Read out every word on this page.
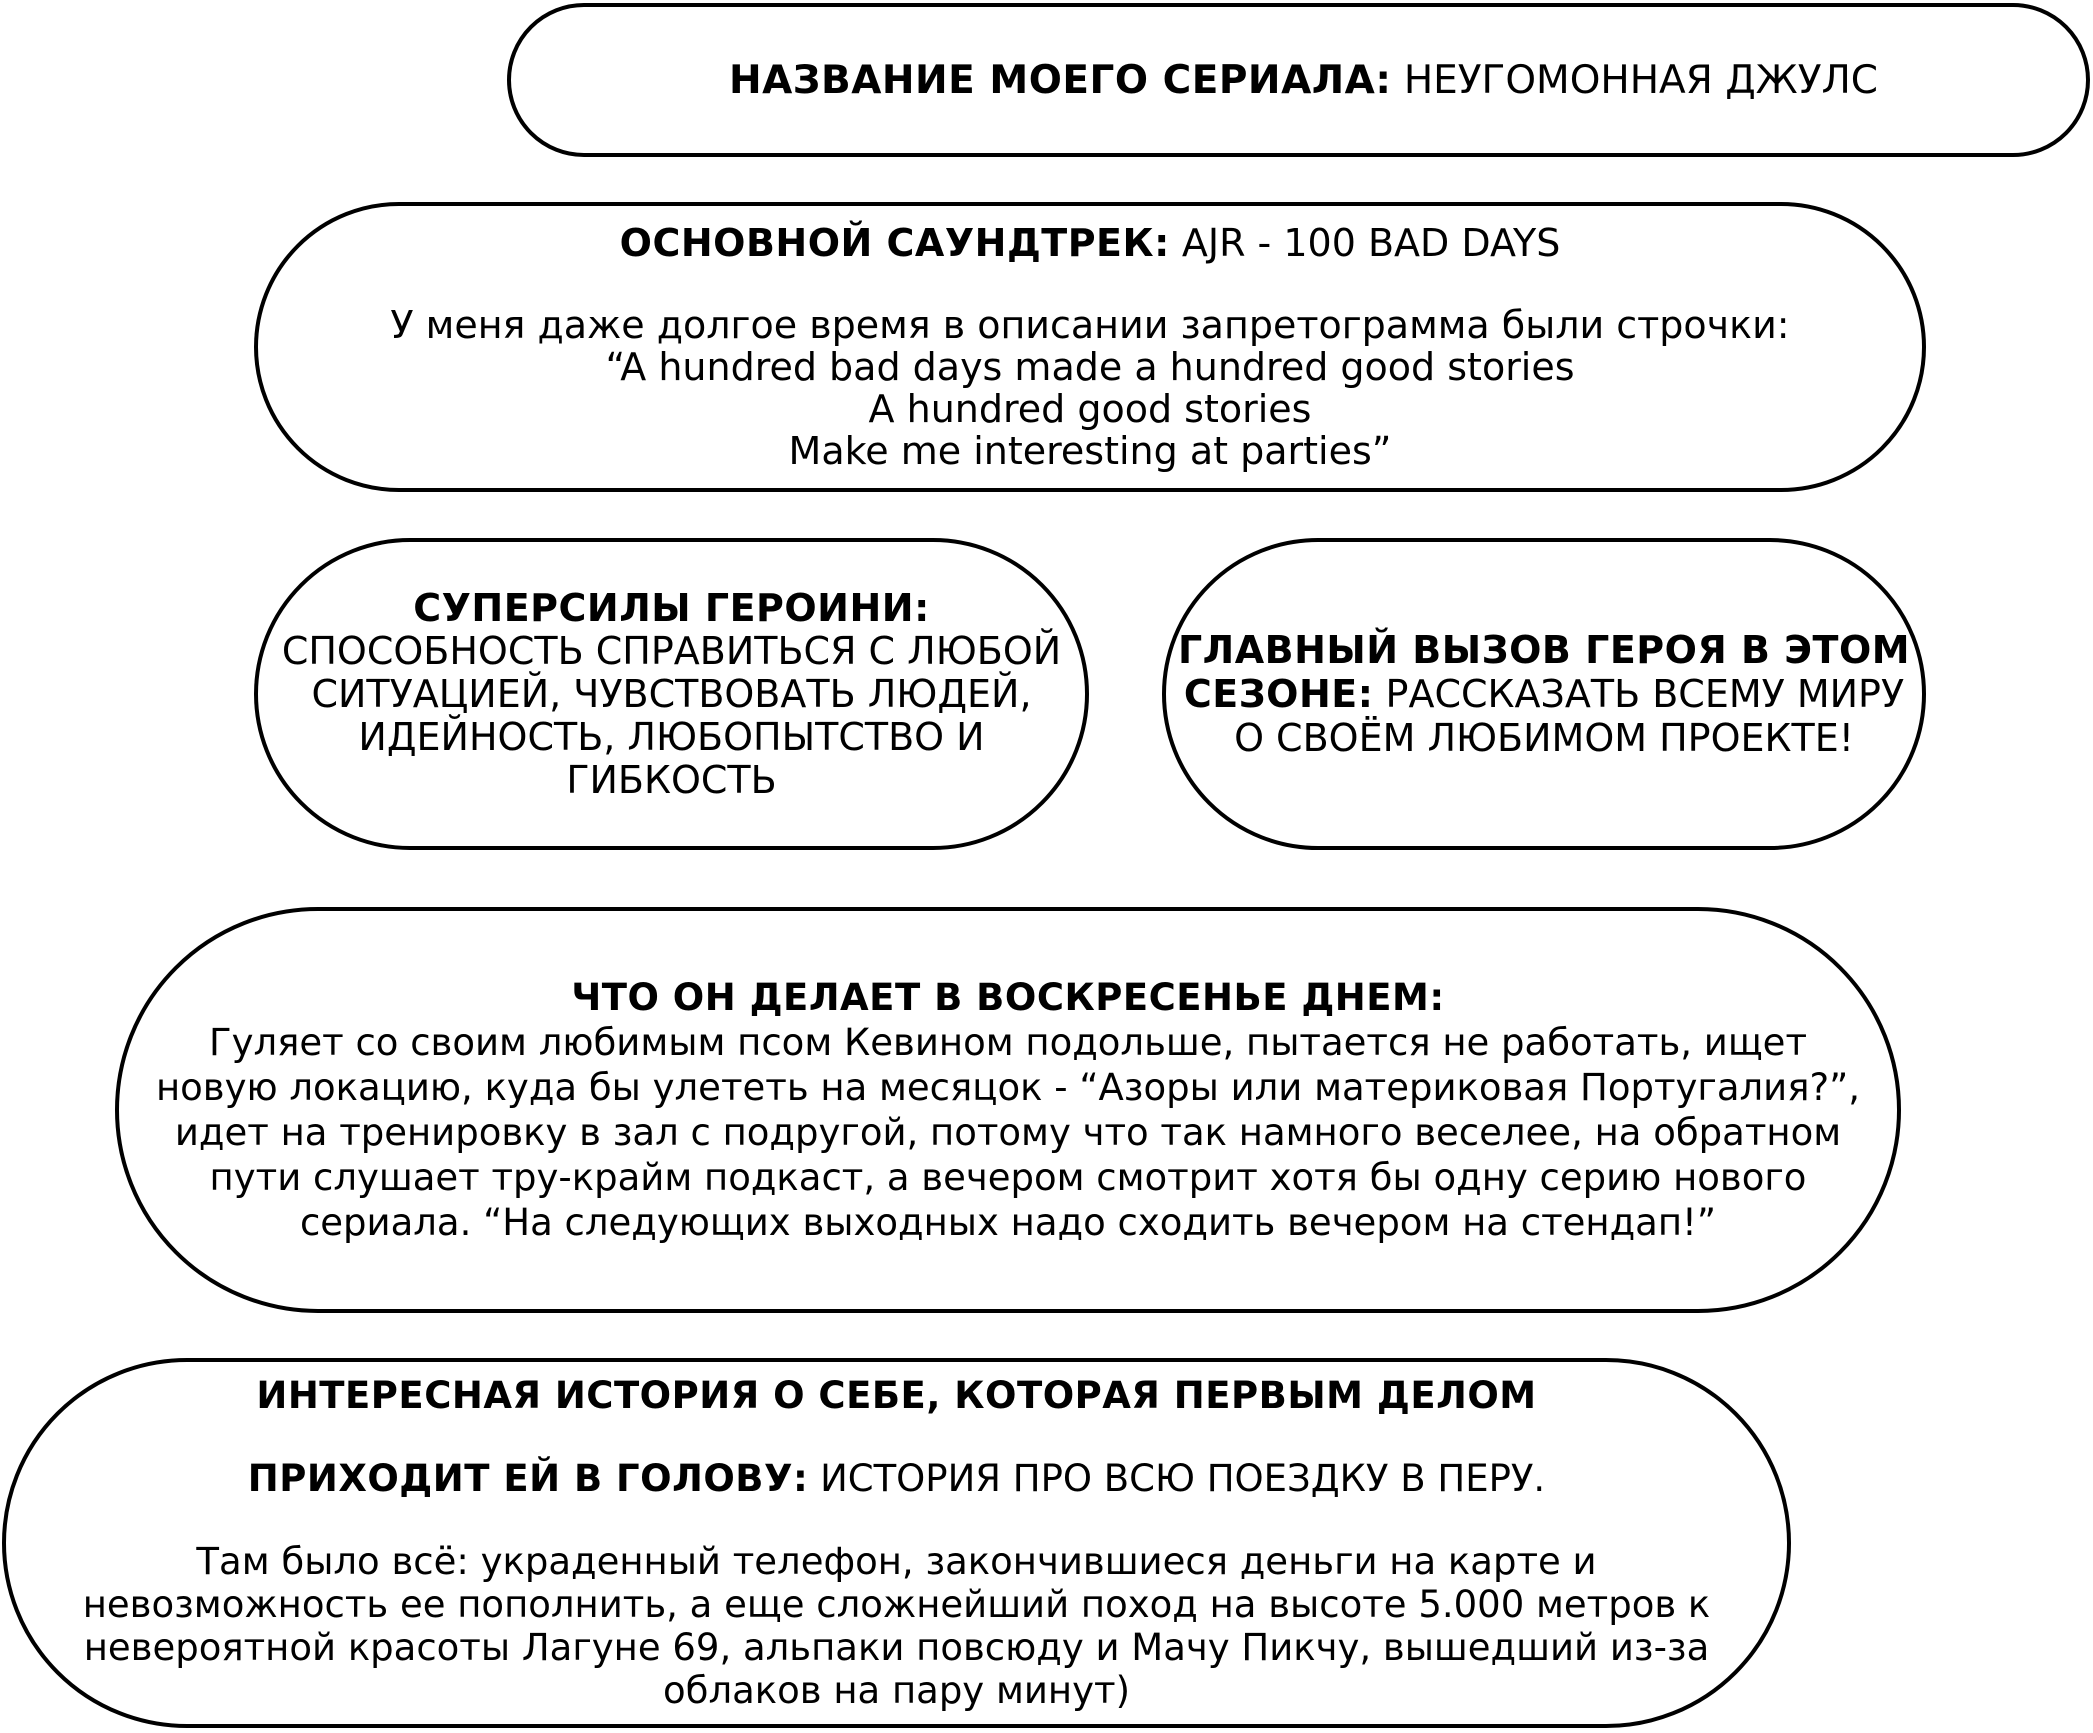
НАЗВАНИЕ МОЕГО СЕРИАЛА: НЕУГОМОННАЯ ДЖУЛС
ОСНОВНОЙ САУНДТРЕК: AJR - 100 BAD DAYS
У меня даже долгое время в описании запретограмма были строчки:
“A hundred bad days made a hundred good stories
A hundred good stories
Make me interesting at parties”
СУПЕРСИЛЫ ГЕРОИНИ:
СПОСОБНОСТЬ СПРАВИТЬСЯ С ЛЮБОЙ
СИТУАЦИЕЙ, ЧУВСТВОВАТЬ ЛЮДЕЙ,
ИДЕЙНОСТЬ, ЛЮБОПЫТСТВО И
ГИБКОСТЬ
ГЛАВНЫЙ ВЫЗОВ ГЕРОЯ В ЭТОМ
СЕЗОНЕ: РАССКАЗАТЬ ВСЕМУ МИРУ
О СВОЁМ ЛЮБИМОМ ПРОЕКТЕ!
ЧТО ОН ДЕЛАЕТ В ВОСКРЕСЕНЬЕ ДНЕМ:
Гуляет со своим любимым псом Кевином подольше, пытается не работать, ищет
новую локацию, куда бы улететь на месяцок - “Азоры или материковая Португалия?”,
идет на тренировку в зал с подругой, потому что так намного веселее, на обратном
пути слушает тру-крайм подкаст, а вечером смотрит хотя бы одну серию нового
сериала. “На следующих выходных надо сходить вечером на стендап!”
ИНТЕРЕСНАЯ ИСТОРИЯ О СЕБЕ, КОТОРАЯ ПЕРВЫМ ДЕЛОМ
ПРИХОДИТ ЕЙ В ГОЛОВУ: ИСТОРИЯ ПРО ВСЮ ПОЕЗДКУ В ПЕРУ.
Там было всё: украденный телефон, закончившиеся деньги на карте и
невозможность ее пополнить, а еще сложнейший поход на высоте 5.000 метров к
невероятной красоты Лагуне 69, альпаки повсюду и Мачу Пикчу, вышедший из-за
облаков на пару минут)
